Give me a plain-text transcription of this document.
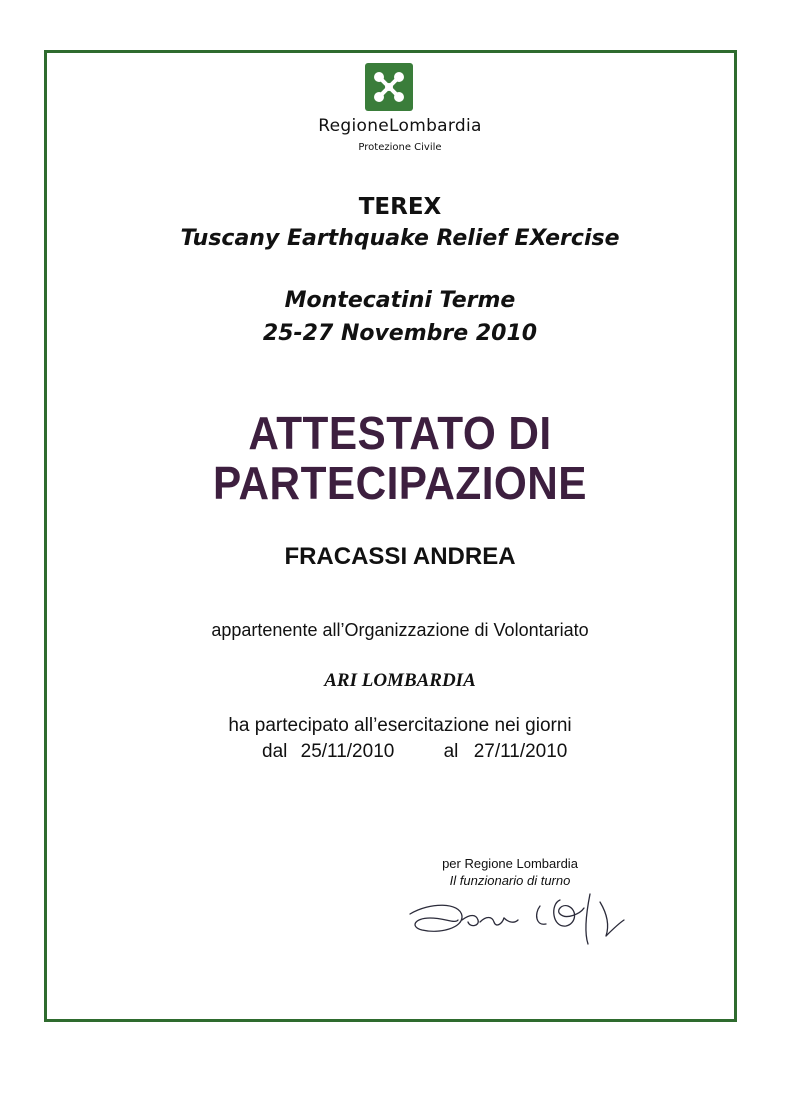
RegioneLombardia
Protezione Civile
TEREX
Tuscany Earthquake Relief EXercise
Montecatini Terme
25-27 Novembre 2010
ATTESTATO DI
PARTECIPAZIONE
FRACASSI ANDREA
appartenente all’Organizzazione di Volontariato
ARI LOMBARDIA
ha partecipato all’esercitazione nei giorni
dal 25/11/2010	al 27/11/2010
per Regione Lombardia
Il funzionario di turno
